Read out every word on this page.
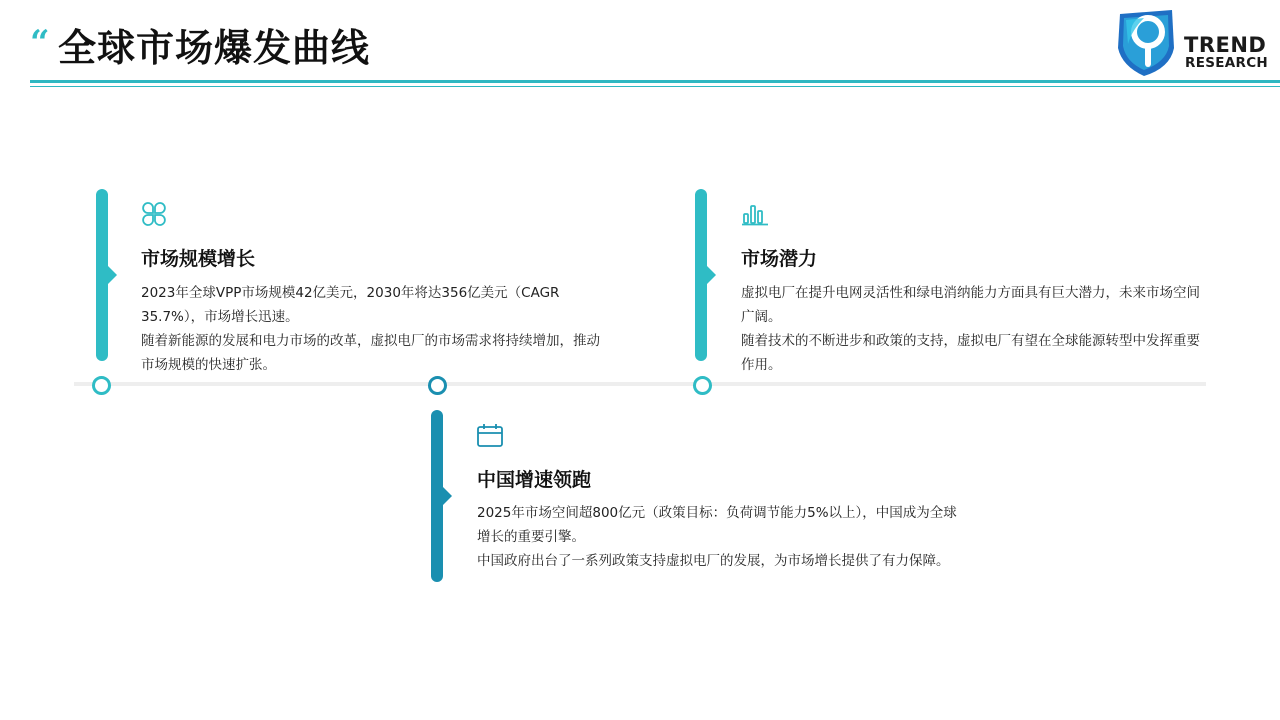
“ 全球市场爆发曲线	TREND
RESEARCH
市场规模增长

2023年全球VPP市场规模42亿美元，2030年将达356亿美元（CAGR 35.7%），市场增长迅速。

随着新能源的发展和电力市场的改革，虚拟电厂的市场需求将持续增加，推动市场规模的快速扩张。

市场潜力

虚拟电厂在提升电网灵活性和绿电消纳能力方面具有巨大潜力，未来市场空间广阔。

随着技术的不断进步和政策的支持，虚拟电厂有望在全球能源转型中发挥重要作用。

中国增速领跑

2025年市场空间超800亿元（政策目标：负荷调节能力5%以上），中国成为全球增长的重要引擎。

中国政府出台了一系列政策支持虚拟电厂的发展，为市场增长提供了有力保障。
